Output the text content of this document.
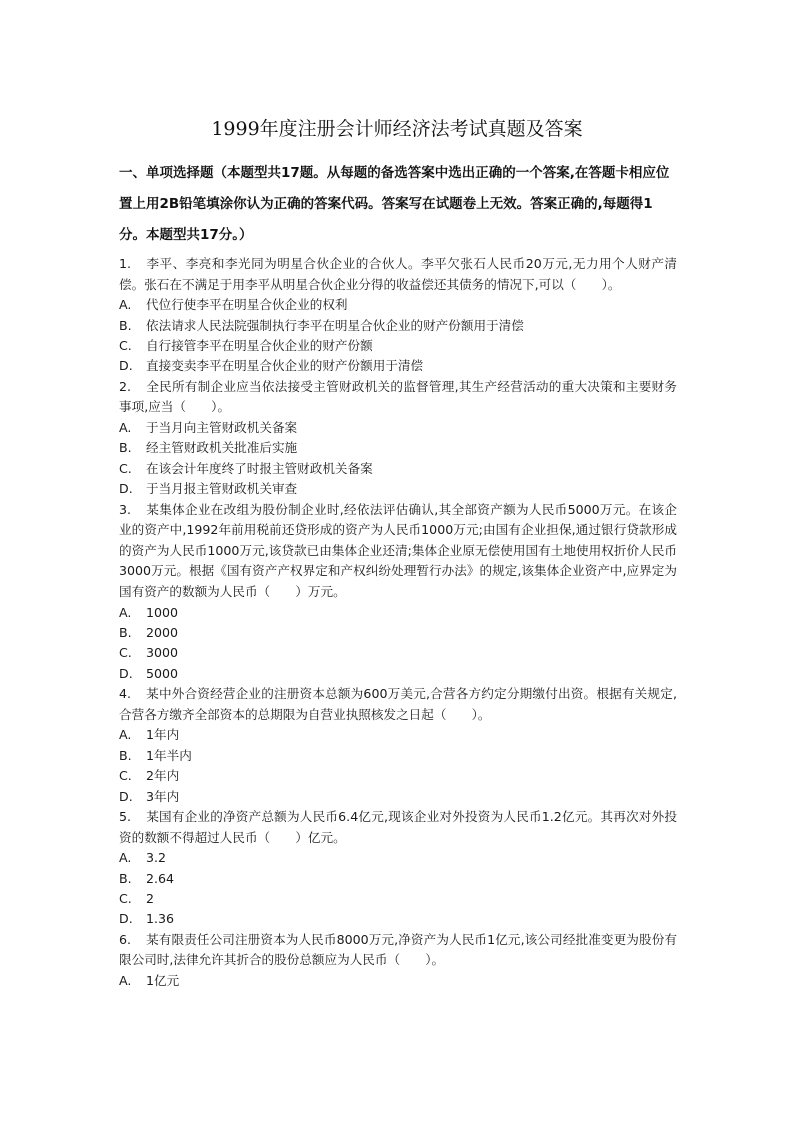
1999年度注册会计师经济法考试真题及答案
一、单项选择题（本题型共17题。从每题的备选答案中选出正确的一个答案,在答题卡相应位置上用2B铅笔填涂你认为正确的答案代码。答案写在试题卷上无效。答案正确的,每题得1分。本题型共17分。）
1. 李平、李亮和李光同为明星合伙企业的合伙人。李平欠张石人民币20万元,无力用个人财产清偿。张石在不满足于用李平从明星合伙企业分得的收益偿还其债务的情况下,可以（　　）。
A. 代位行使李平在明星合伙企业的权利
B. 依法请求人民法院强制执行李平在明星合伙企业的财产份额用于清偿
C. 自行接管李平在明星合伙企业的财产份额
D. 直接变卖李平在明星合伙企业的财产份额用于清偿
2. 全民所有制企业应当依法接受主管财政机关的监督管理,其生产经营活动的重大决策和主要财务事项,应当（　　）。
A. 于当月向主管财政机关备案
B. 经主管财政机关批准后实施
C. 在该会计年度终了时报主管财政机关备案
D. 于当月报主管财政机关审查
3. 某集体企业在改组为股份制企业时,经依法评估确认,其全部资产额为人民币5000万元。在该企业的资产中,1992年前用税前还贷形成的资产为人民币1000万元;由国有企业担保,通过银行贷款形成的资产为人民币1000万元,该贷款已由集体企业还清;集体企业原无偿使用国有土地使用权折价人民币3000万元。根据《国有资产产权界定和产权纠纷处理暂行办法》的规定,该集体企业资产中,应界定为国有资产的数额为人民币（　　）万元。
A. 1000
B. 2000
C. 3000
D. 5000
4. 某中外合资经营企业的注册资本总额为600万美元,合营各方约定分期缴付出资。根据有关规定,合营各方缴齐全部资本的总期限为自营业执照核发之日起（　　）。
A. 1年内
B. 1年半内
C. 2年内
D. 3年内
5. 某国有企业的净资产总额为人民币6.4亿元,现该企业对外投资为人民币1.2亿元。其再次对外投资的数额不得超过人民币（　　）亿元。
A. 3.2
B. 2.64
C. 2
D. 1.36
6. 某有限责任公司注册资本为人民币8000万元,净资产为人民币1亿元,该公司经批准变更为股份有限公司时,法律允许其折合的股份总额应为人民币（　　）。
A. 1亿元
